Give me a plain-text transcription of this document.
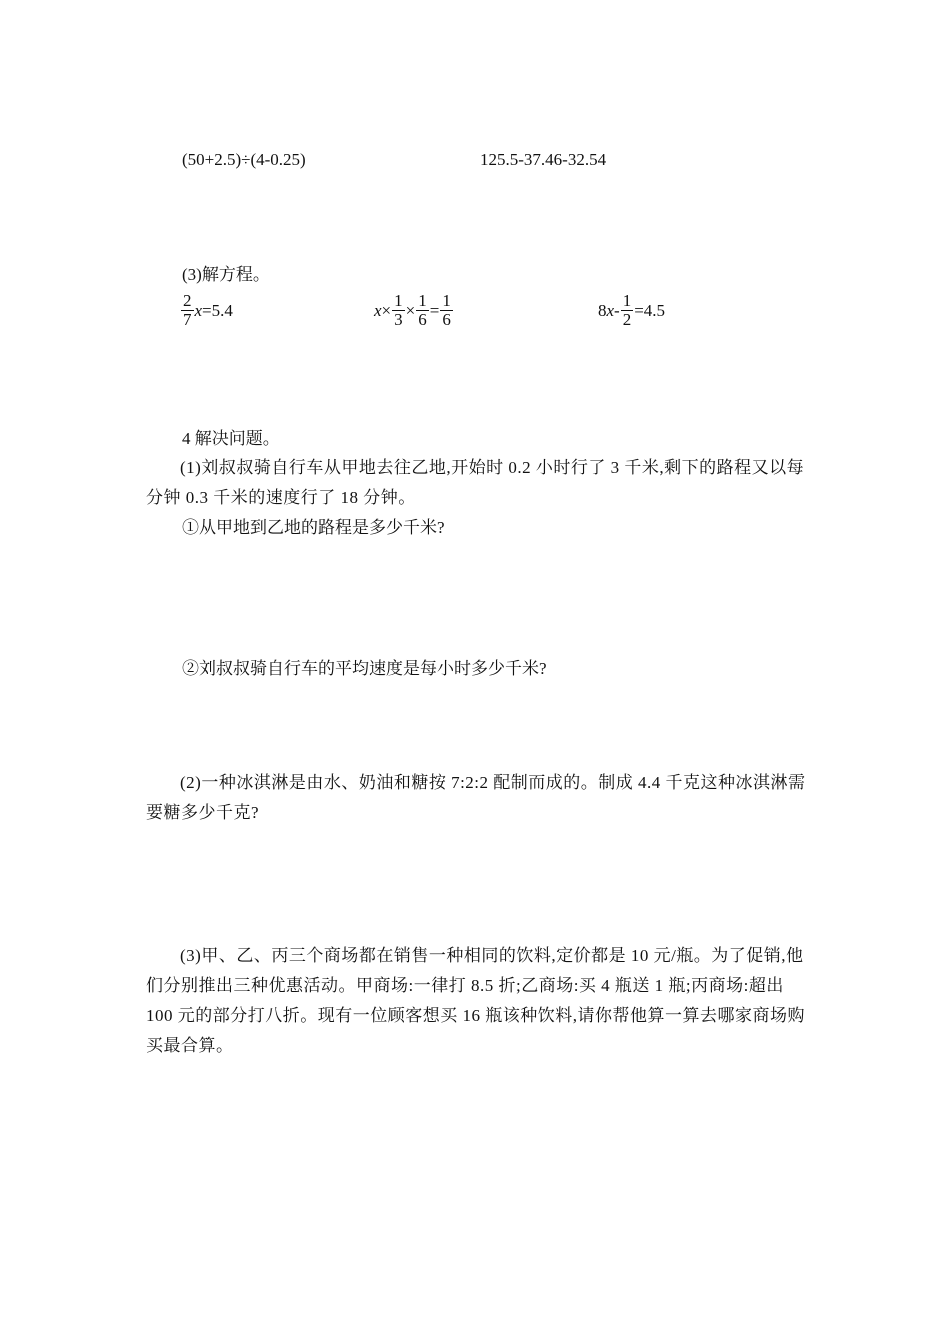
(50+2.5)÷(4-0.25)	125.5-37.46-32.54
(3)解方程。
$\frac{2}{7}$ x =5.4	$x \times \frac{1}{3} \times \frac{1}{6} = \frac{1}{6}$	8 $x - \frac{1}{2} =4.5$
4 解决问题。
(1)刘叔叔骑自行车从甲地去往乙地,开始时 0.2 小时行了 3 千米,剩下的路程又以每分钟 0.3 千米的速度行了 18 分钟。
①从甲地到乙地的路程是多少千米?
②刘叔叔骑自行车的平均速度是每小时多少千米?
(2)一种冰淇淋是由水、奶油和糖按 7:2:2 配制而成的。制成 4.4 千克这种冰淇淋需要糖多少千克?
(3)甲、乙、丙三个商场都在销售一种相同的饮料,定价都是 10 元/瓶。为了促销,他们分别推出三种优惠活动。甲商场:一律打 8.5 折;乙商场:买 4 瓶送 1 瓶;丙商场:超出 100 元的部分打八折。现有一位顾客想买 16 瓶该种饮料,请你帮他算一算去哪家商场购买最合算。
